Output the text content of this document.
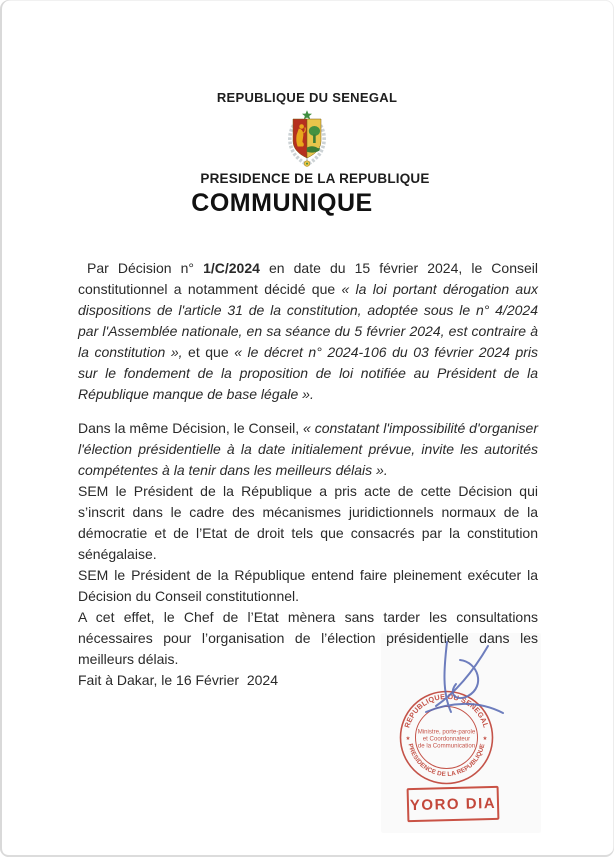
REPUBLIQUE DU SENEGAL
PRESIDENCE DE LA REPUBLIQUE
COMMUNIQUE

Par Décision n° 1/C/2024 en date du 15 février 2024, le Conseil constitutionnel a notamment décidé que « la loi portant dérogation aux dispositions de l'article 31 de la constitution, adoptée sous le n° 4/2024 par l'Assemblée nationale, en sa séance du 5 février 2024, est contraire à la constitution », et que « le décret n° 2024-106 du 03 février 2024 pris sur le fondement de la proposition de loi notifiée au Président de la République manque de base légale ».

Dans la même Décision, le Conseil, « constatant l'impossibilité d'organiser l'élection présidentielle à la date initialement prévue, invite les autorités compétentes à la tenir dans les meilleurs délais ».

SEM le Président de la République a pris acte de cette Décision qui s’inscrit dans le cadre des mécanismes juridictionnels normaux de la démocratie et de l’Etat de droit tels que consacrés par la constitution sénégalaise.

SEM le Président de la République entend faire pleinement exécuter la Décision du Conseil constitutionnel.

A cet effet, le Chef de l’Etat mènera sans tarder les consultations nécessaires pour l’organisation de l’élection présidentielle dans les meilleurs délais.

Fait à Dakar, le 16 Février  2024
REPUBLIQUE DU SENEGAL
PRESIDENCE DE LA REPUBLIQUE
★	★
Ministre, porte-parole
et Coordonnateur
de la Communication
YORO DIA
